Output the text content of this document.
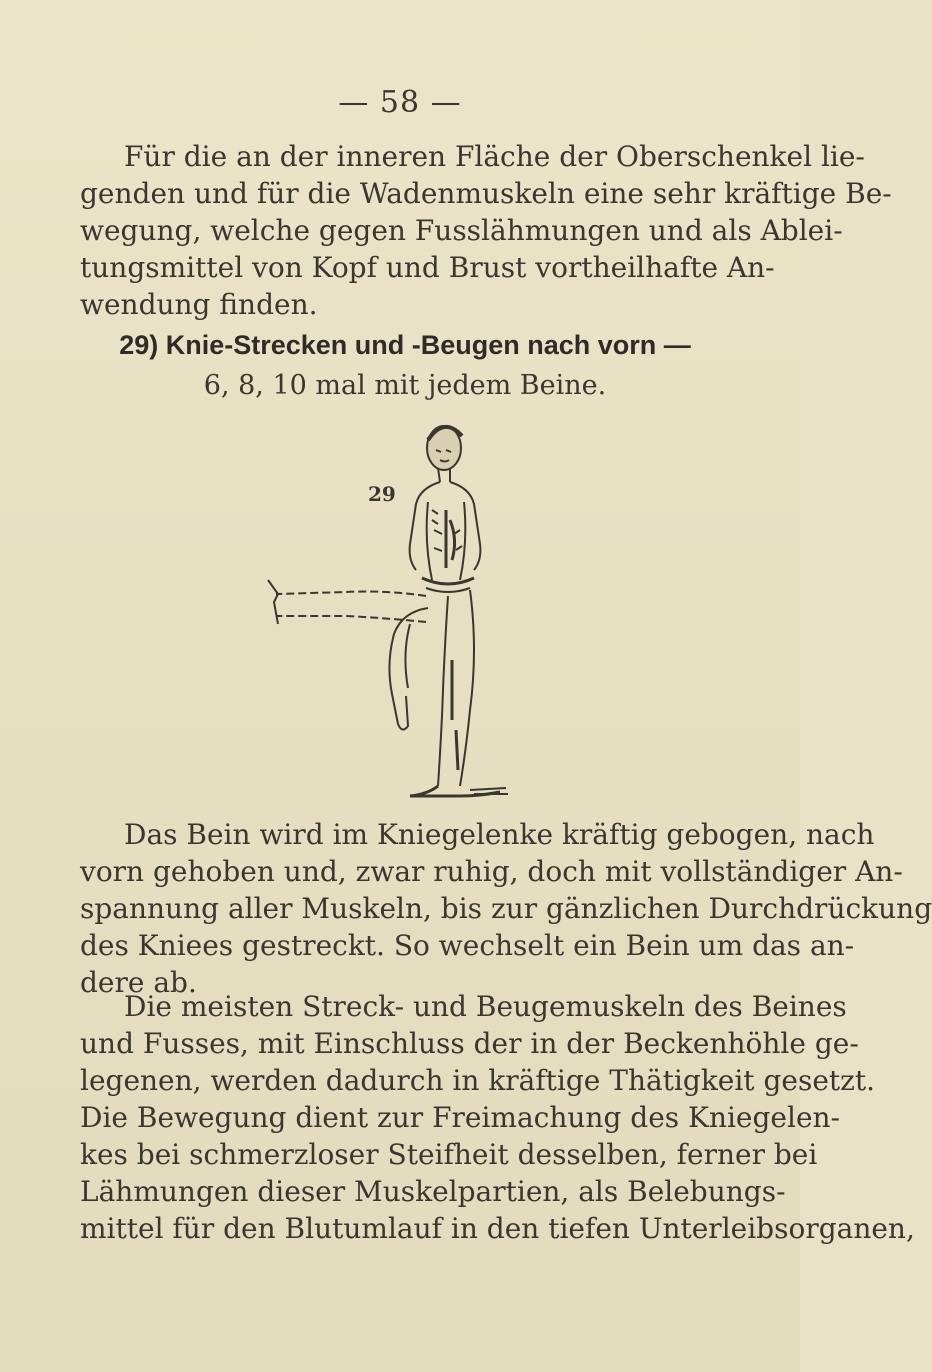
— 58 —
Für die an der inneren Fläche der Oberschenkel lie-
genden und für die Wadenmuskeln eine sehr kräftige Be-
wegung, welche gegen Fusslähmungen und als Ablei-
tungsmittel von Kopf und Brust vortheilhafte An-
wendung finden.
29) Knie-Strecken und -Beugen nach vorn —
6, 8, 10 mal mit jedem Beine.
29
Das Bein wird im Kniegelenke kräftig gebogen, nach
vorn gehoben und, zwar ruhig, doch mit vollständiger An-
spannung aller Muskeln, bis zur gänzlichen Durchdrückung
des Kniees gestreckt. So wechselt ein Bein um das an-
dere ab.
Die meisten Streck- und Beugemuskeln des Beines
und Fusses, mit Einschluss der in der Beckenhöhle ge-
legenen, werden dadurch in kräftige Thätigkeit gesetzt.
Die Bewegung dient zur Freimachung des Kniegelen-
kes bei schmerzloser Steifheit desselben, ferner bei
Lähmungen dieser Muskelpartien, als Belebungs-
mittel für den Blutumlauf in den tiefen Unterleibsorganen,
